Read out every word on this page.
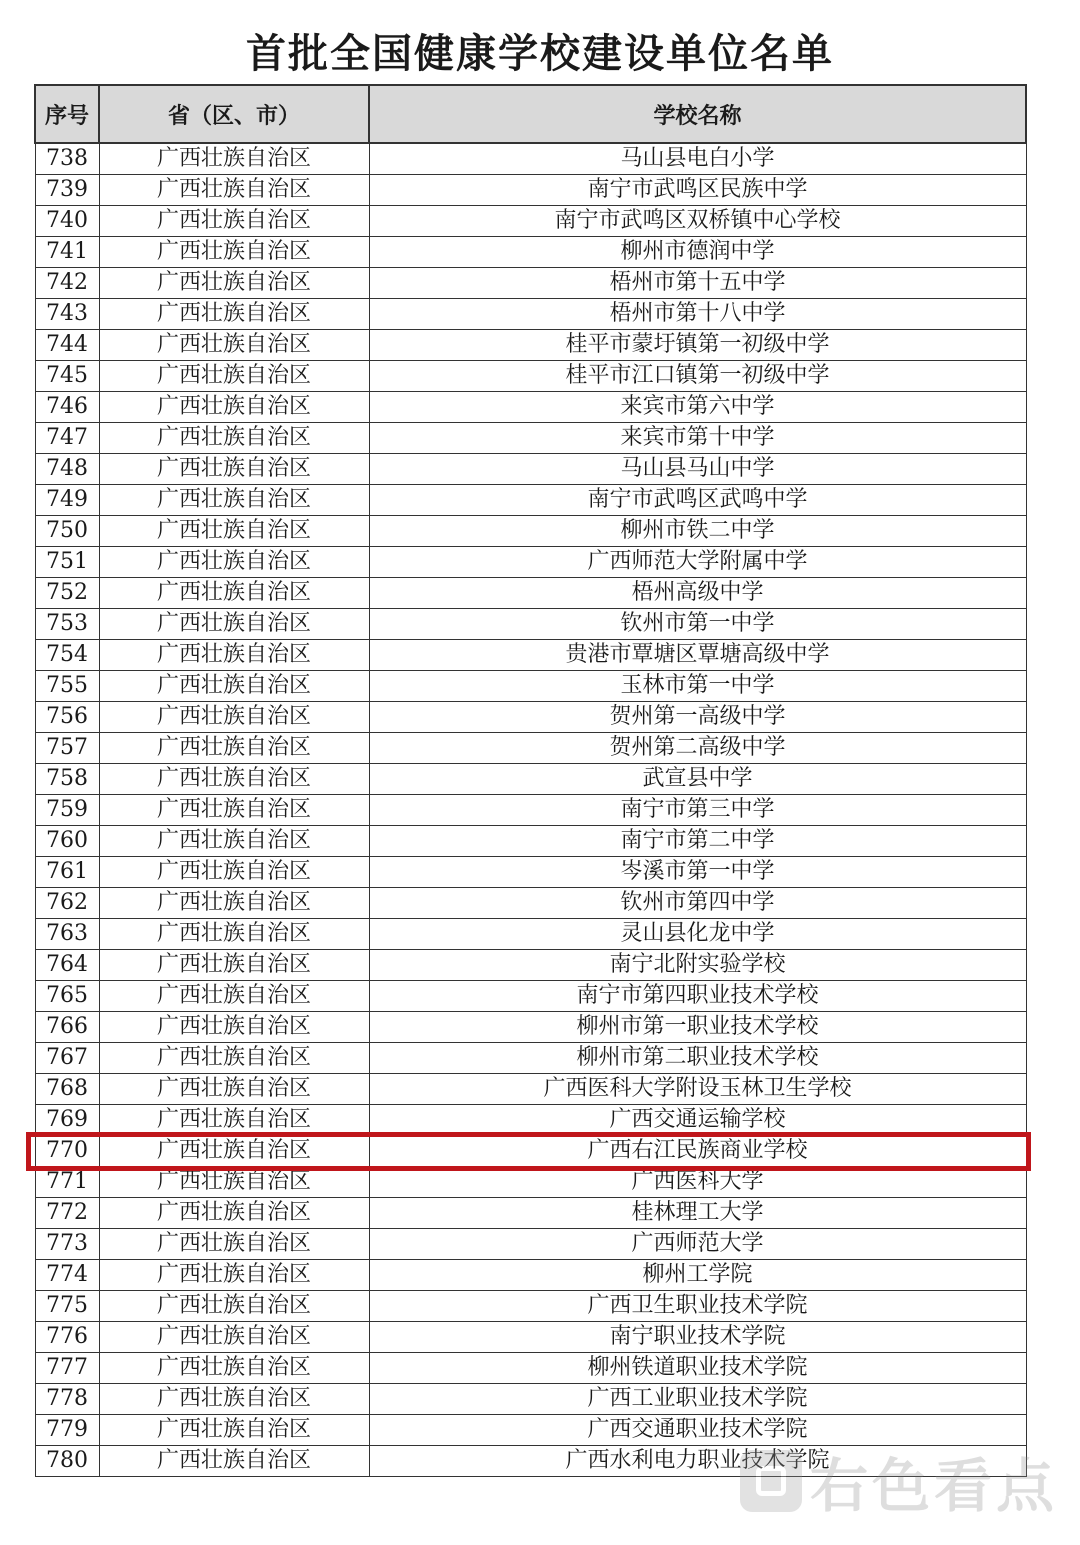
首批全国健康学校建设单位名单
序号	省（区、市）	学校名称
738	广西壮族自治区	马山县电白小学
739	广西壮族自治区	南宁市武鸣区民族中学
740	广西壮族自治区	南宁市武鸣区双桥镇中心学校
741	广西壮族自治区	柳州市德润中学
742	广西壮族自治区	梧州市第十五中学
743	广西壮族自治区	梧州市第十八中学
744	广西壮族自治区	桂平市蒙圩镇第一初级中学
745	广西壮族自治区	桂平市江口镇第一初级中学
746	广西壮族自治区	来宾市第六中学
747	广西壮族自治区	来宾市第十中学
748	广西壮族自治区	马山县马山中学
749	广西壮族自治区	南宁市武鸣区武鸣中学
750	广西壮族自治区	柳州市铁二中学
751	广西壮族自治区	广西师范大学附属中学
752	广西壮族自治区	梧州高级中学
753	广西壮族自治区	钦州市第一中学
754	广西壮族自治区	贵港市覃塘区覃塘高级中学
755	广西壮族自治区	玉林市第一中学
756	广西壮族自治区	贺州第一高级中学
757	广西壮族自治区	贺州第二高级中学
758	广西壮族自治区	武宣县中学
759	广西壮族自治区	南宁市第三中学
760	广西壮族自治区	南宁市第二中学
761	广西壮族自治区	岑溪市第一中学
762	广西壮族自治区	钦州市第四中学
763	广西壮族自治区	灵山县化龙中学
764	广西壮族自治区	南宁北附实验学校
765	广西壮族自治区	南宁市第四职业技术学校
766	广西壮族自治区	柳州市第一职业技术学校
767	广西壮族自治区	柳州市第二职业技术学校
768	广西壮族自治区	广西医科大学附设玉林卫生学校
769	广西壮族自治区	广西交通运输学校
770	广西壮族自治区	广西右江民族商业学校
771	广西壮族自治区	广西医科大学
772	广西壮族自治区	桂林理工大学
773	广西壮族自治区	广西师范大学
774	广西壮族自治区	柳州工学院
775	广西壮族自治区	广西卫生职业技术学院
776	广西壮族自治区	南宁职业技术学院
777	广西壮族自治区	柳州铁道职业技术学院
778	广西壮族自治区	广西工业职业技术学院
779	广西壮族自治区	广西交通职业技术学院
780	广西壮族自治区	广西水利电力职业技术学院
右色看点
